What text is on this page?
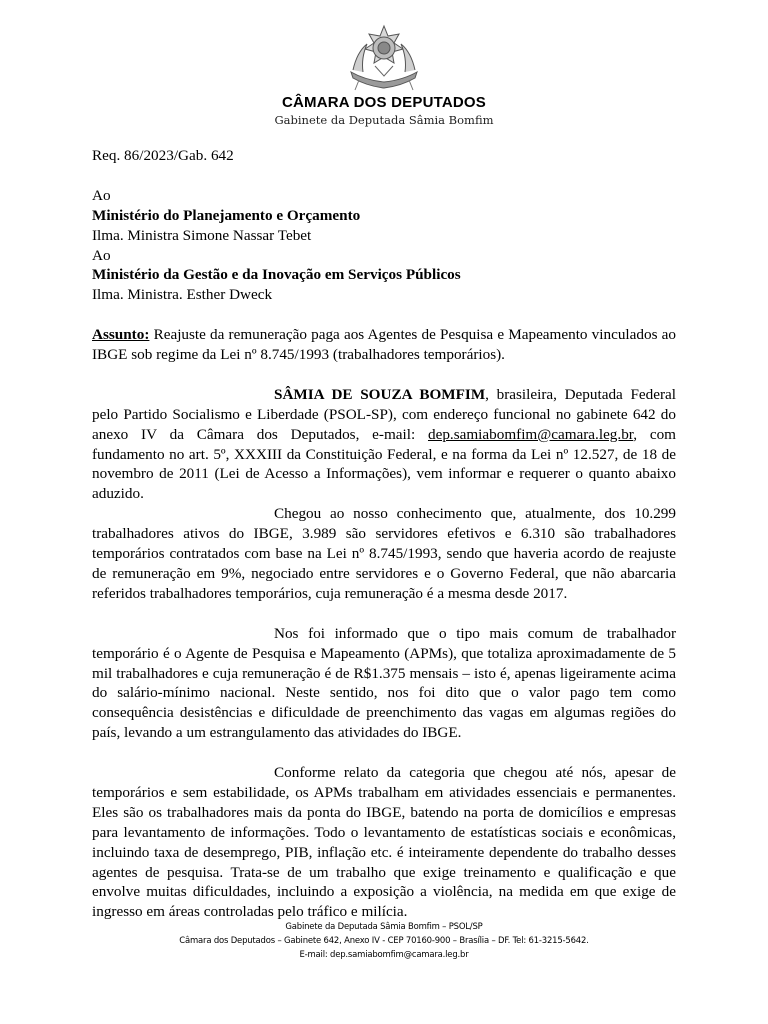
CÂMARA DOS DEPUTADOS
Gabinete da Deputada Sâmia Bomfim

Req. 86/2023/Gab. 642

Ao

Ministério do Planejamento e Orçamento

Ilma. Ministra Simone Nassar Tebet

Ao

Ministério da Gestão e da Inovação em Serviços Públicos

Ilma. Ministra. Esther Dweck

Assunto: Reajuste da remuneração paga aos Agentes de Pesquisa e Mapeamento vinculados ao IBGE sob regime da Lei nº 8.745/1993 (trabalhadores temporários).

SÂMIA DE SOUZA BOMFIM, brasileira, Deputada Federal pelo Partido Socialismo e Liberdade (PSOL-SP), com endereço funcional no gabinete 642 do anexo IV da Câmara dos Deputados, e-mail: dep.samiabomfim@camara.leg.br, com fundamento no art. 5º, XXXIII da Constituição Federal, e na forma da Lei nº 12.527, de 18 de novembro de 2011 (Lei de Acesso a Informações), vem informar e requerer o quanto abaixo aduzido.

Chegou ao nosso conhecimento que, atualmente, dos 10.299 trabalhadores ativos do IBGE, 3.989 são servidores efetivos e 6.310 são trabalhadores temporários contratados com base na Lei nº 8.745/1993, sendo que haveria acordo de reajuste de remuneração em 9%, negociado entre servidores e o Governo Federal, que não abarcaria referidos trabalhadores temporários, cuja remuneração é a mesma desde 2017.

Nos foi informado que o tipo mais comum de trabalhador temporário é o Agente de Pesquisa e Mapeamento (APMs), que totaliza aproximadamente de 5 mil trabalhadores e cuja remuneração é de R$1.375 mensais – isto é, apenas ligeiramente acima do salário-mínimo nacional. Neste sentido, nos foi dito que o valor pago tem como consequência desistências e dificuldade de preenchimento das vagas em algumas regiões do país, levando a um estrangulamento das atividades do IBGE.

Conforme relato da categoria que chegou até nós, apesar de temporários e sem estabilidade, os APMs trabalham em atividades essenciais e permanentes. Eles são os trabalhadores mais da ponta do IBGE, batendo na porta de domicílios e empresas para levantamento de informações. Todo o levantamento de estatísticas sociais e econômicas, incluindo taxa de desemprego, PIB, inflação etc. é inteiramente dependente do trabalho desses agentes de pesquisa. Trata-se de um trabalho que exige treinamento e qualificação e que envolve muitas dificuldades, incluindo a exposição a violência, na medida em que exige de ingresso em áreas controladas pelo tráfico e milícia.

Gabinete da Deputada Sâmia Bomfim – PSOL/SP
Câmara dos Deputados – Gabinete 642, Anexo IV - CEP 70160-900 – Brasília – DF. Tel: 61-3215-5642.
E-mail: dep.samiabomfim@camara.leg.br
